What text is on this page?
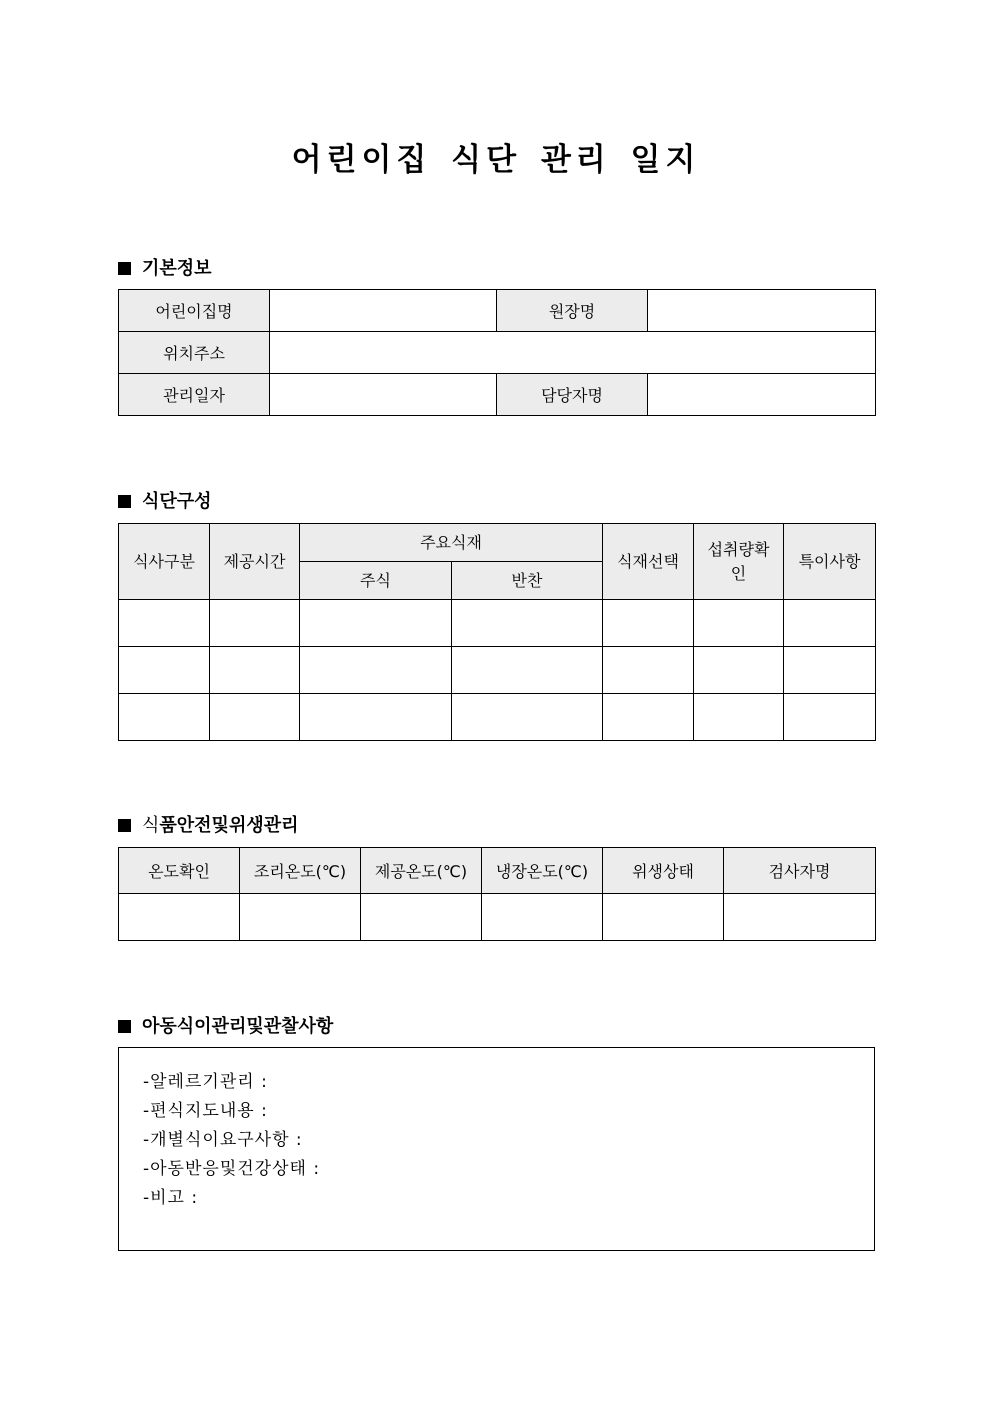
어린이집 식단 관리 일지
기본정보
어린이집명		원장명	
위치주소			
관리일자		담당자명	
식단구성
식사구분	제공시간	주요식재		식재선택	섭취량확인	특이사항
		주식	반찬			

식품안전및위생관리
온도확인	조리온도(℃)	제공온도(℃)	냉장온도(℃)	위생상태	검사자명

아동식이관리및관찰사항
-알레르기관리 :
-편식지도내용 :
-개별식이요구사항 :
-아동반응및건강상태 :
-비고 :
